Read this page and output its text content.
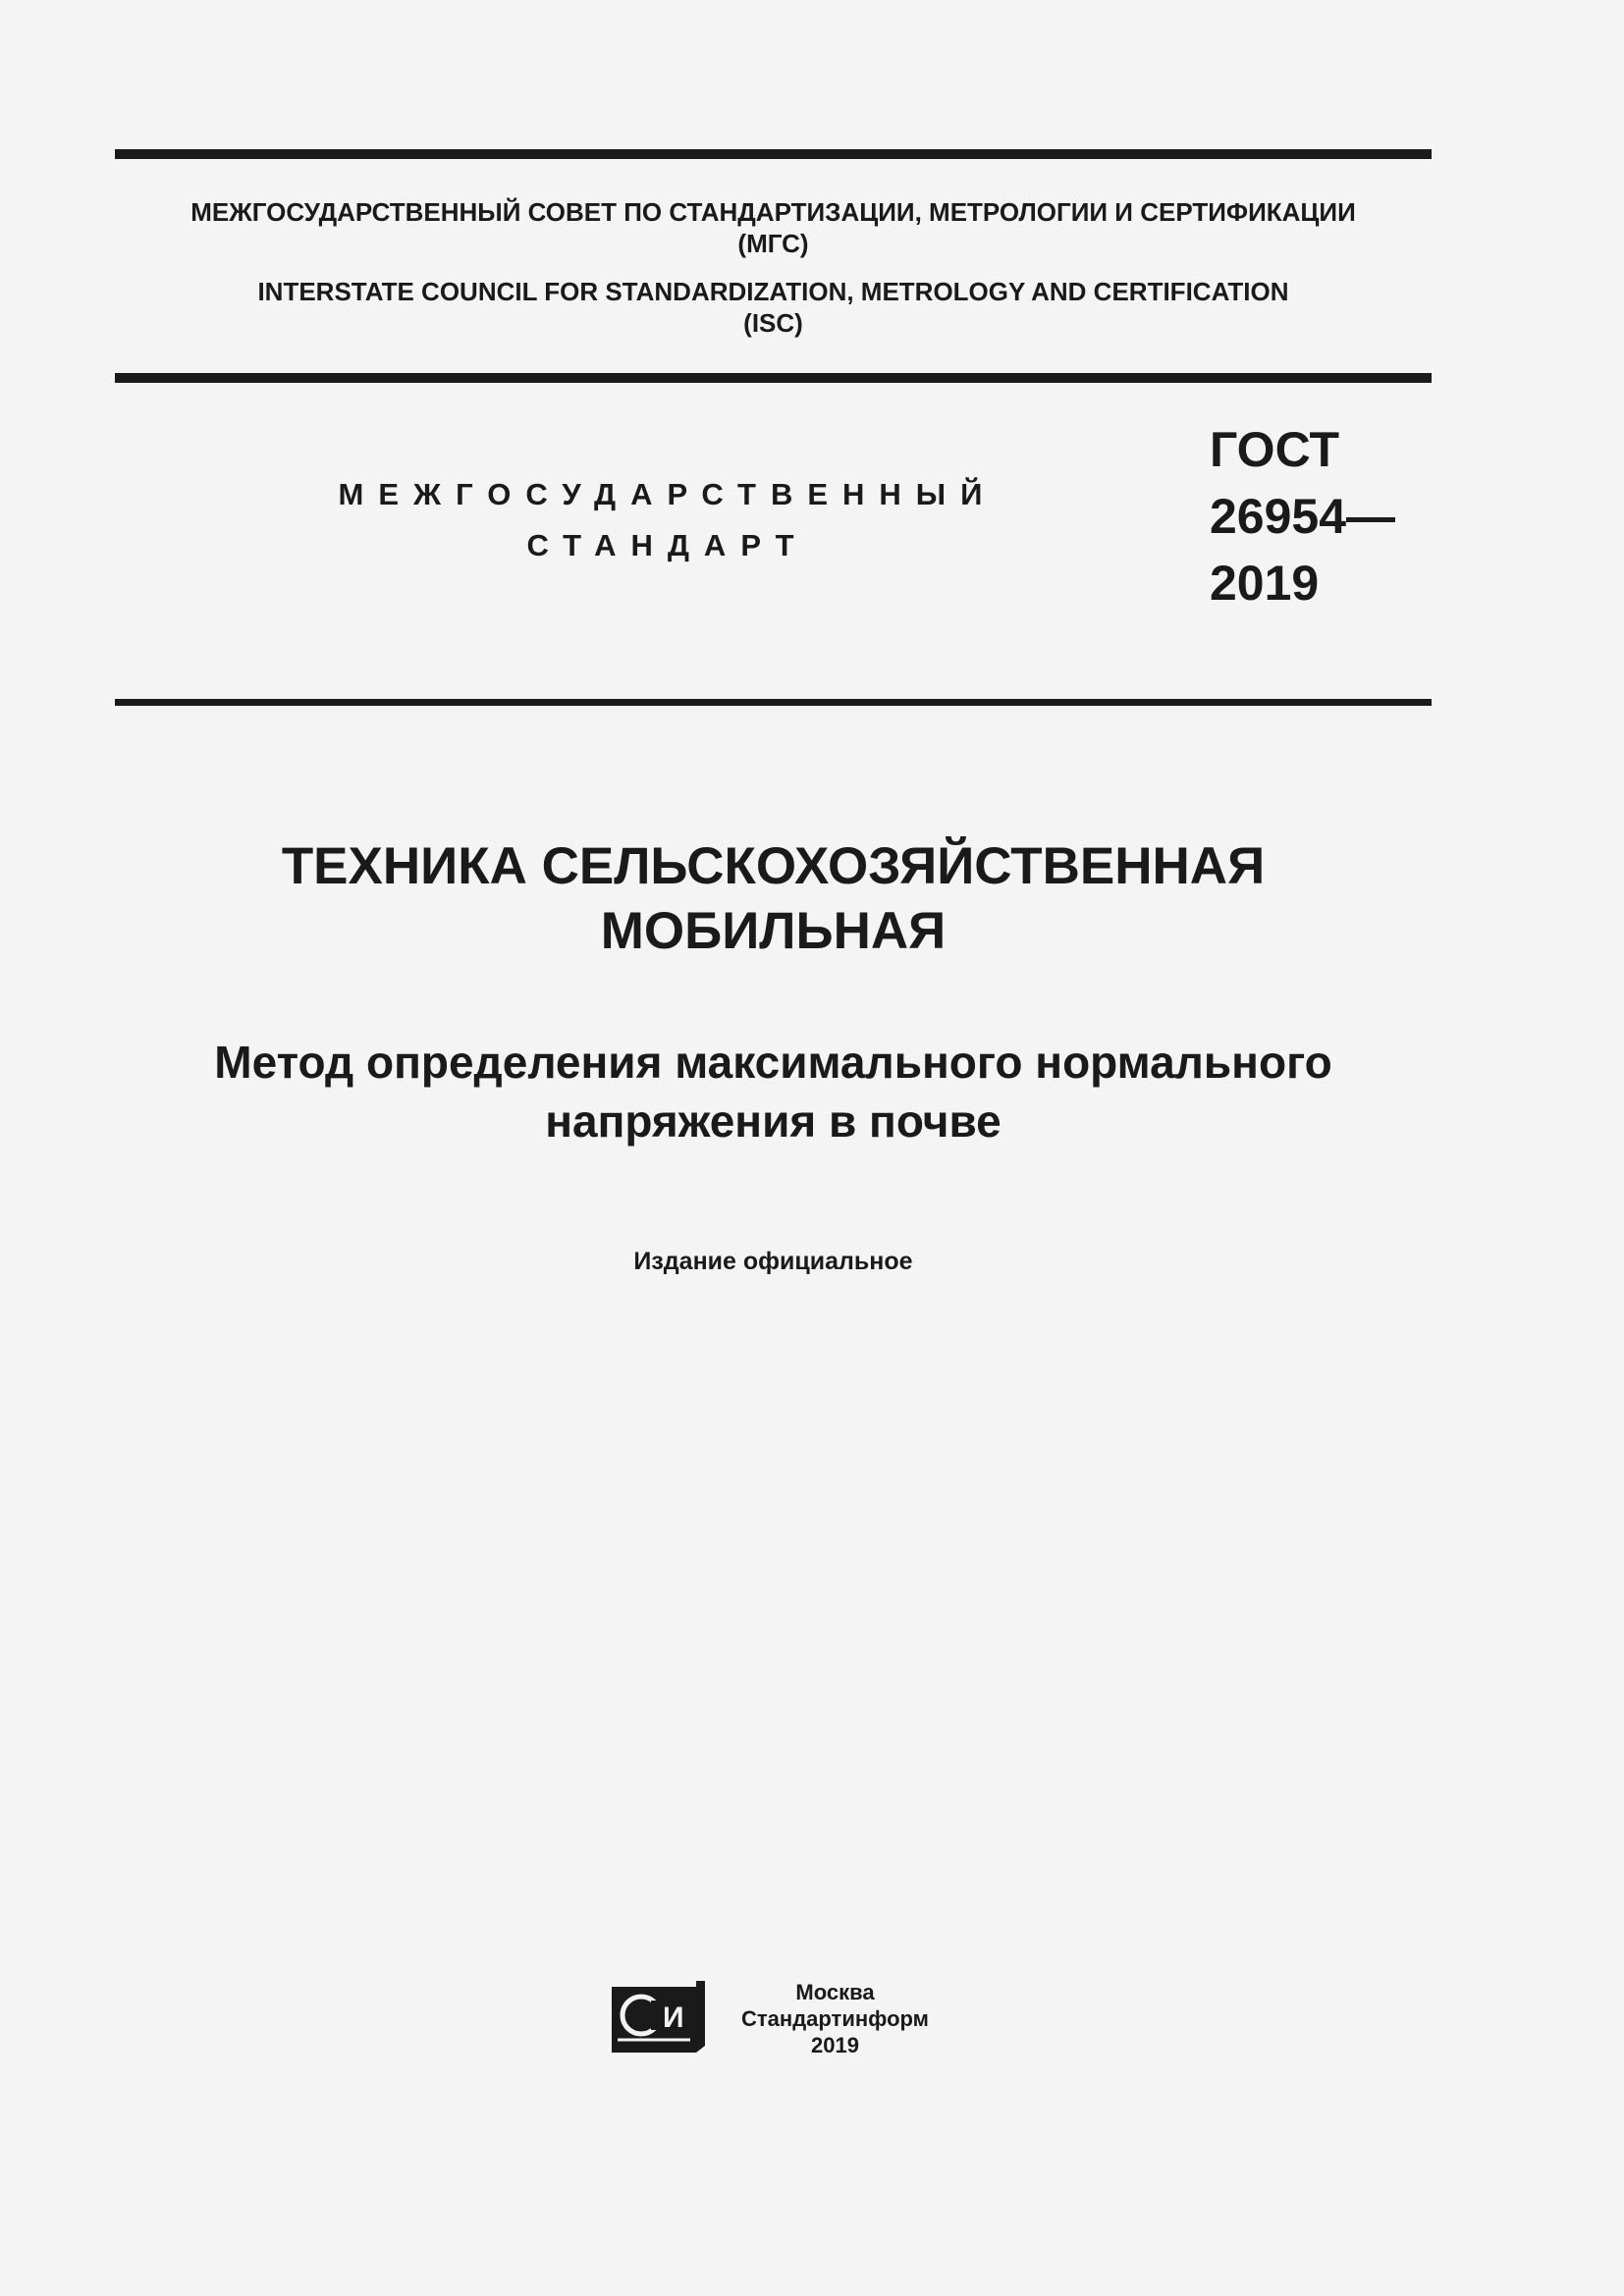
МЕЖГОСУДАРСТВЕННЫЙ СОВЕТ ПО СТАНДАРТИЗАЦИИ, МЕТРОЛОГИИ И СЕРТИФИКАЦИИ
(МГС)
INTERSTATE COUNCIL FOR STANDARDIZATION, METROLOGY AND CERTIFICATION
(ISC)
МЕЖГОСУДАРСТВЕННЫЙ
СТАНДАРТ
ГОСТ
26954—
2019
ТЕХНИКА СЕЛЬСКОХОЗЯЙСТВЕННАЯ
МОБИЛЬНАЯ
Метод определения максимального нормального
напряжения в почве
Издание официальное
И
Москва
Стандартинформ
2019
